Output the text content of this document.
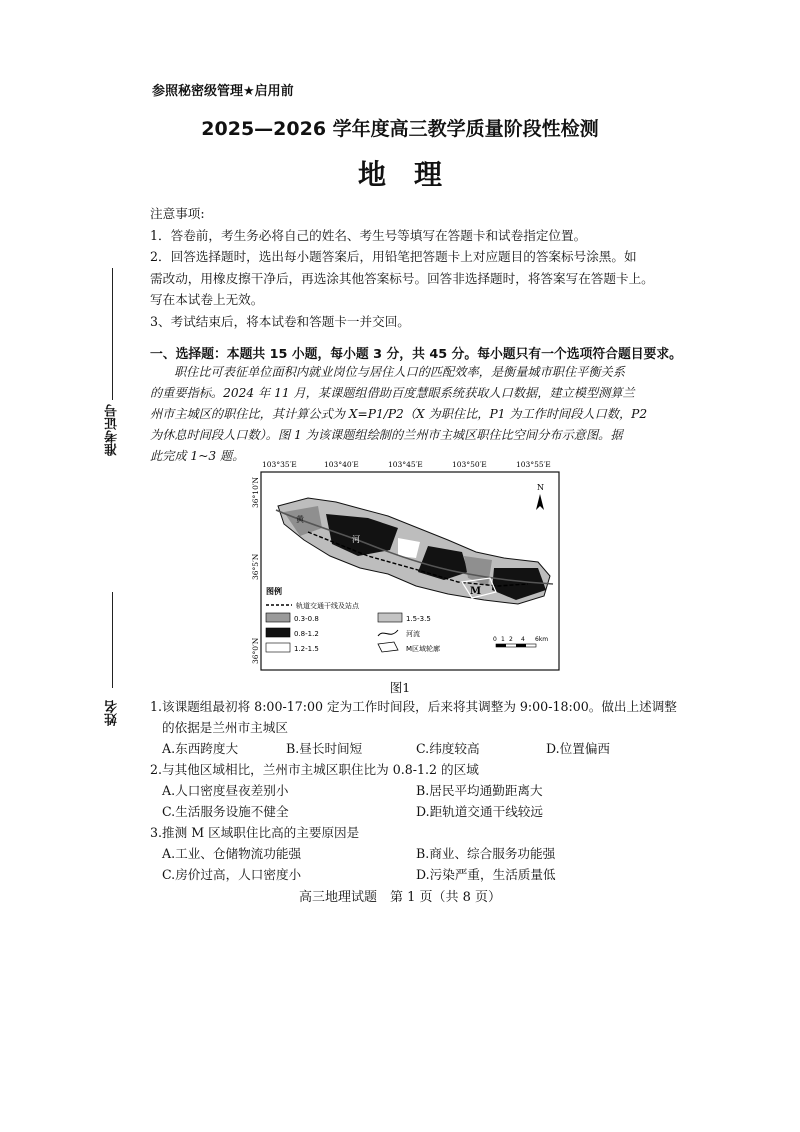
参照秘密级管理★启用前
2025—2026 学年度高三教学质量阶段性检测
地理
准考证号
姓名
注意事项:
1．答卷前，考生务必将自己的姓名、考生号等填写在答题卡和试卷指定位置。
2．回答选择题时，选出每小题答案后，用铅笔把答题卡上对应题目的答案标号涂黑。如
需改动，用橡皮擦干净后，再选涂其他答案标号。回答非选择题时，将答案写在答题卡上。
写在本试卷上无效。
3、考试结束后，将本试卷和答题卡一并交回。
一、选择题：本题共 15 小题，每小题 3 分，共 45 分。每小题只有一个选项符合题目要求。
职住比可表征单位面积内就业岗位与居住人口的匹配效率，是衡量城市职住平衡关系
的重要指标。2024 年 11 月，某课题组借助百度慧眼系统获取人口数据，建立模型测算兰
州市主城区的职住比，其计算公式为 X=P1/P2（X 为职住比，P1 为工作时间段人口数，P2
为休息时间段人口数）。图 1 为该课题组绘制的兰州市主城区职住比空间分布示意图。据
此完成 1~3 题。
103°35′E	103°40′E	103°45′E	103°50′E	103°55′E
36°10′N
36°5′N
36°0′N
M
黄
河
N
图例
轨道交通干线及站点
0.3-0.8	1.5-3.5
0.8-1.2	河流
1.2-1.5	M区域轮廓
0 1 2 4 6km
图1
1.该课题组最初将 8:00-17:00 定为工作时间段，后来将其调整为 9:00-18:00。做出上述调整
的依据是兰州市主城区
A.东西跨度大	B.昼长时间短	C.纬度较高	D.位置偏西
2.与其他区域相比，兰州市主城区职住比为 0.8-1.2 的区域
A.人口密度昼夜差别小	B.居民平均通勤距离大
C.生活服务设施不健全	D.距轨道交通干线较远
3.推测 M 区域职住比高的主要原因是
A.工业、仓储物流功能强	B.商业、综合服务功能强
C.房价过高，人口密度小	D.污染严重，生活质量低
高三地理试题　第 1 页（共 8 页）
